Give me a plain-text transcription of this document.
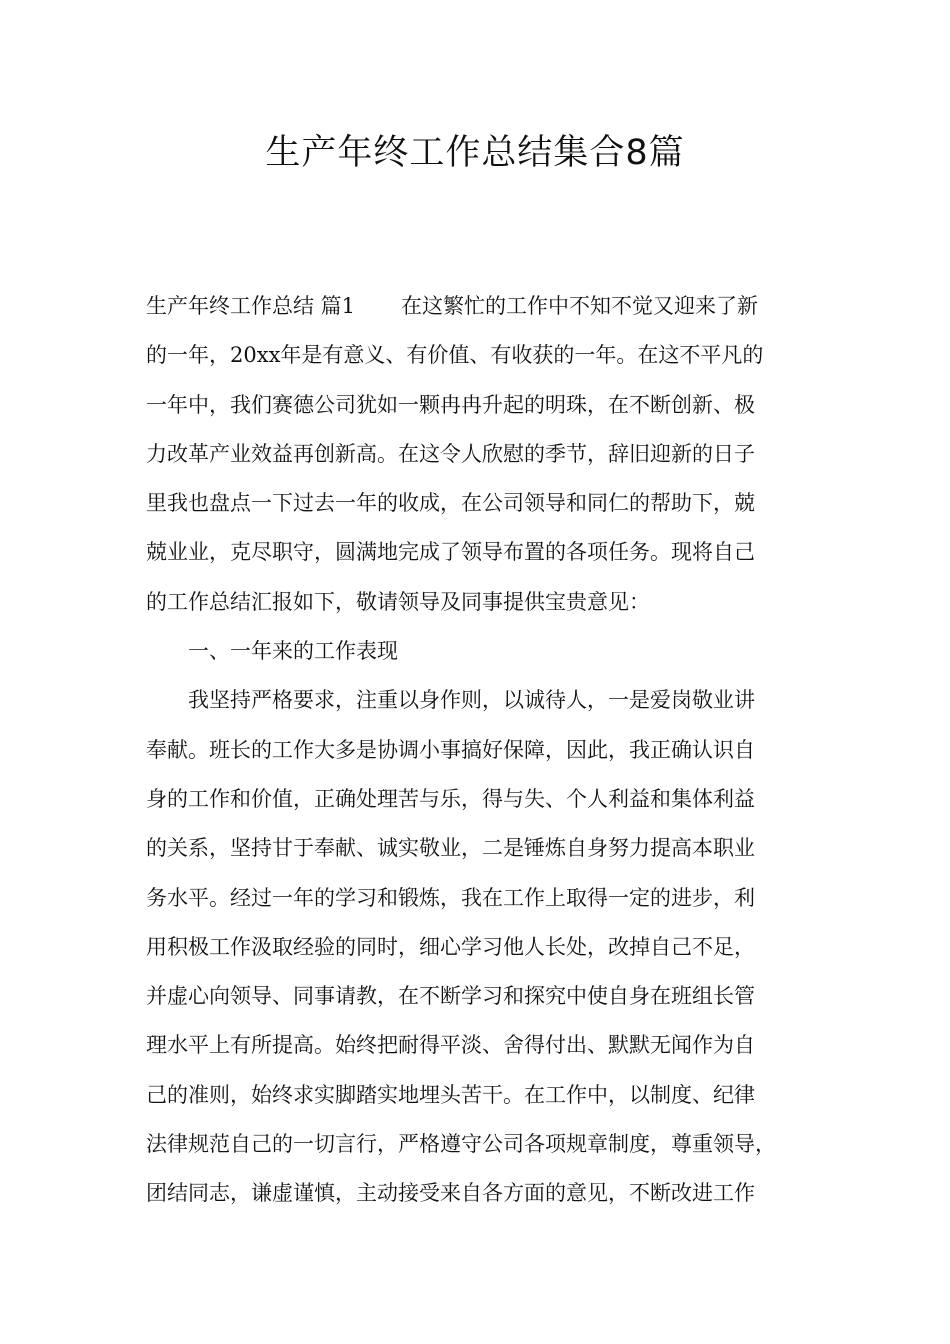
生产年终工作总结集合8篇
生产年终工作总结 篇1 在这繁忙的工作中不知不觉又迎来了新
的一年，20xx年是有意义、有价值、有收获的一年。在这不平凡的
一年中，我们赛德公司犹如一颗冉冉升起的明珠，在不断创新、极
力改革产业效益再创新高。在这令人欣慰的季节，辞旧迎新的日子
里我也盘点一下过去一年的收成，在公司领导和同仁的帮助下，兢
兢业业，克尽职守，圆满地完成了领导布置的各项任务。现将自己
的工作总结汇报如下，敬请领导及同事提供宝贵意见：
一、一年来的工作表现
我坚持严格要求，注重以身作则，以诚待人，一是爱岗敬业讲
奉献。班长的工作大多是协调小事搞好保障，因此，我正确认识自
身的工作和价值，正确处理苦与乐，得与失、个人利益和集体利益
的关系，坚持甘于奉献、诚实敬业，二是锤炼自身努力提高本职业
务水平。经过一年的学习和锻炼，我在工作上取得一定的进步，利
用积极工作汲取经验的同时，细心学习他人长处，改掉自己不足，
并虚心向领导、同事请教，在不断学习和探究中使自身在班组长管
理水平上有所提高。始终把耐得平淡、舍得付出、默默无闻作为自
己的准则，始终求实脚踏实地埋头苦干。在工作中，以制度、纪律
法律规范自己的一切言行，严格遵守公司各项规章制度，尊重领导，
团结同志，谦虚谨慎，主动接受来自各方面的意见，不断改进工作
